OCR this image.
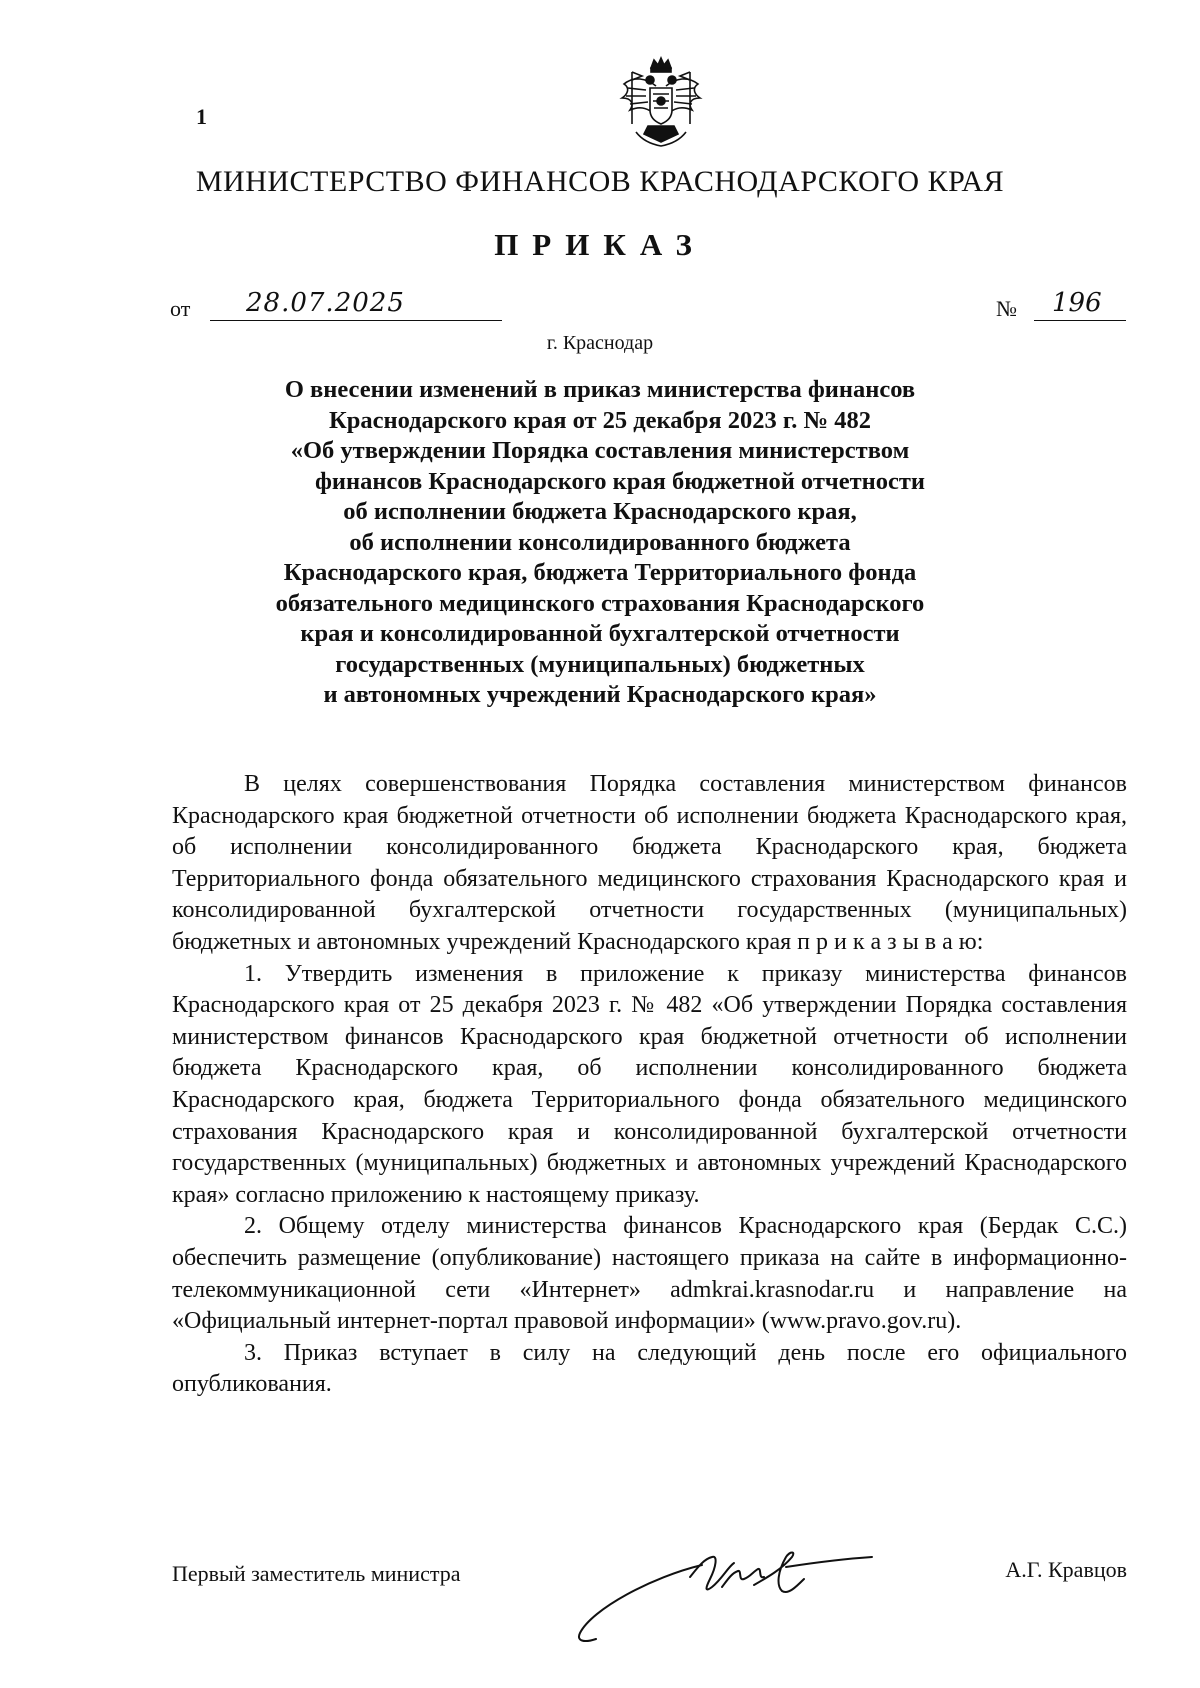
1
МИНИСТЕРСТВО ФИНАНСОВ КРАСНОДАРСКОГО КРАЯ
ПРИКАЗ
от 28.07.2025	№ 196
г. Краснодар
О внесении изменений в приказ министерства финансов
Краснодарского края от 25 декабря 2023 г. № 482
«Об утверждении Порядка составления министерством
финансов Краснодарского края бюджетной отчетности
об исполнении бюджета Краснодарского края,
об исполнении консолидированного бюджета
Краснодарского края, бюджета Территориального фонда
обязательного медицинского страхования Краснодарского
края и консолидированной бухгалтерской отчетности
государственных (муниципальных) бюджетных
и автономных учреждений Краснодарского края»

В целях совершенствования Порядка составления министерством финансов Краснодарского края бюджетной отчетности об исполнении бюджета Краснодарского края, об исполнении консолидированного бюджета Краснодарского края, бюджета Территориального фонда обязательного медицинского страхования Краснодарского края и консолидированной бухгалтерской отчетности государственных (муниципальных) бюджетных и автономных учреждений Краснодарского края п р и к а з ы в а ю:

1. Утвердить изменения в приложение к приказу министерства финансов Краснодарского края от 25 декабря 2023 г. № 482 «Об утверждении Порядка составления министерством финансов Краснодарского края бюджетной отчетности об исполнении бюджета Краснодарского края, об исполнении консолидированного бюджета Краснодарского края, бюджета Территориального фонда обязательного медицинского страхования Краснодарского края и консолидированной бухгалтерской отчетности государственных (муниципальных) бюджетных и автономных учреждений Краснодарского края» согласно приложению к настоящему приказу.

2. Общему отделу министерства финансов Краснодарского края (Бердак С.С.) обеспечить размещение (опубликование) настоящего приказа на сайте в информационно-телекоммуникационной сети «Интернет» admkrai.krasnodar.ru и направление на «Официальный интернет-портал правовой информации» (www.pravo.gov.ru).

3. Приказ вступает в силу на следующий день после его официального опубликования.

Первый заместитель министра	А.Г. Кравцов
